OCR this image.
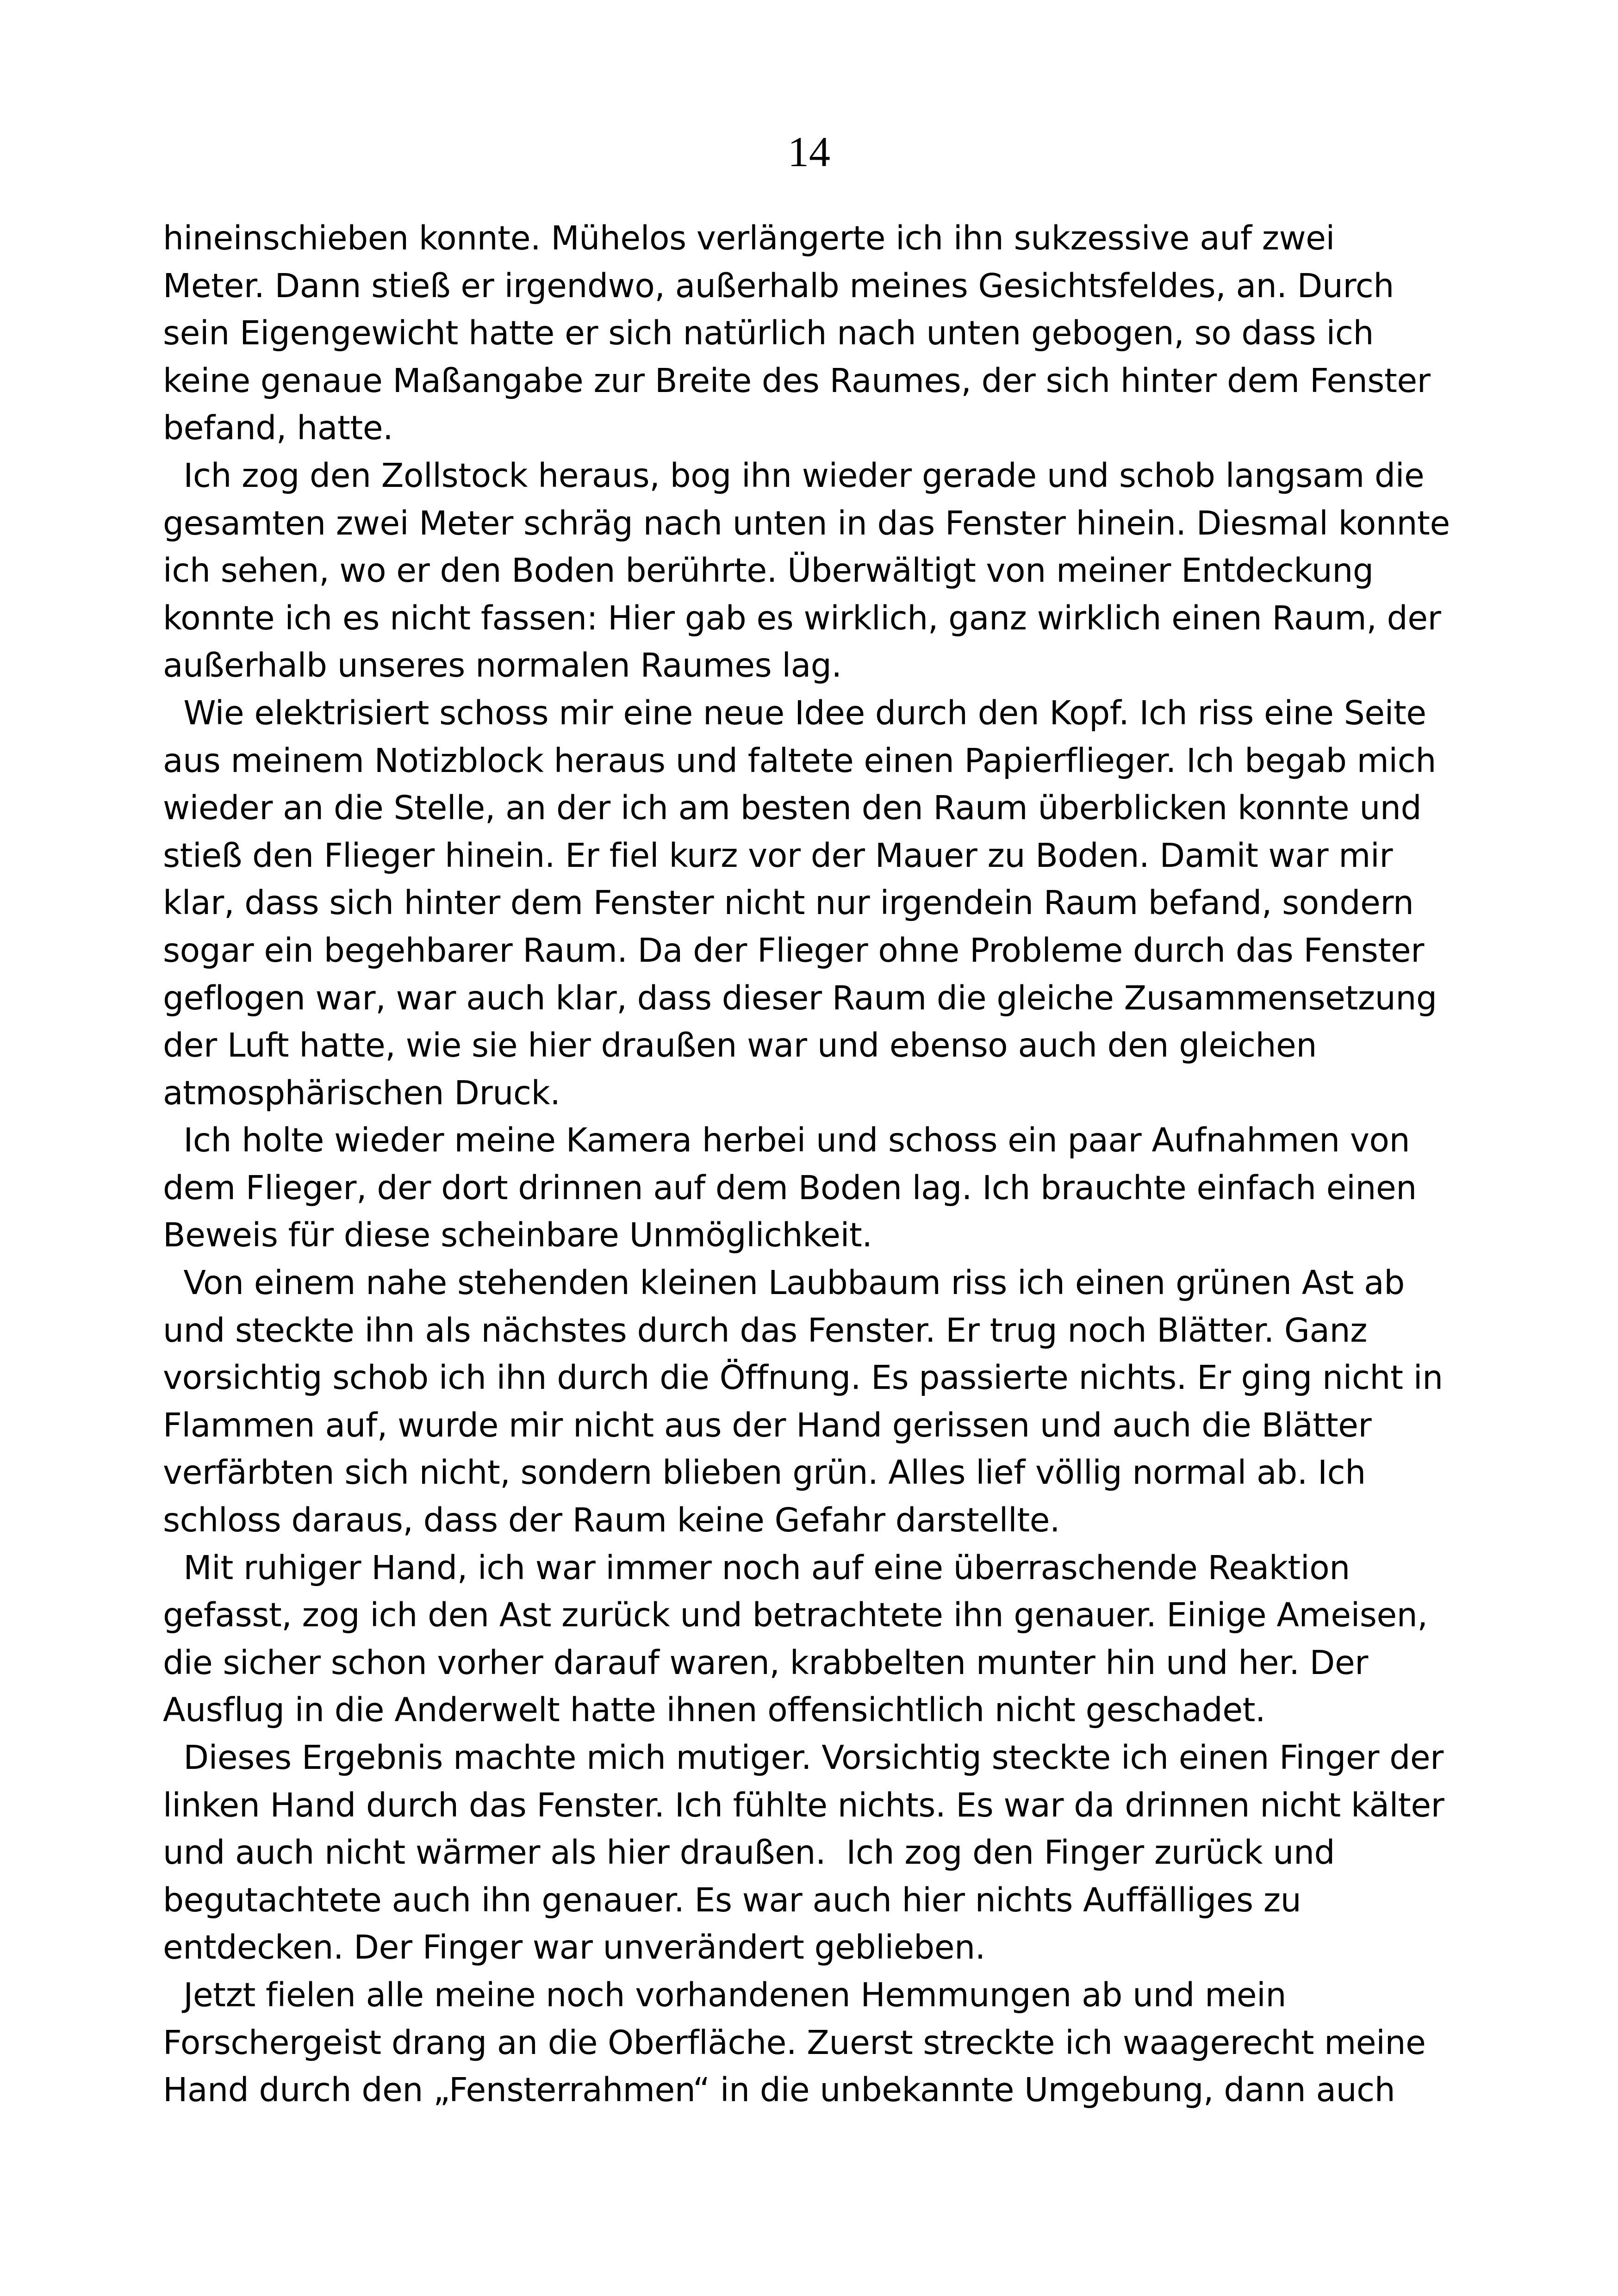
14
hineinschieben konnte. Mühelos verlängerte ich ihn sukzessive auf zwei
Meter. Dann stieß er irgendwo, außerhalb meines Gesichtsfeldes, an. Durch
sein Eigengewicht hatte er sich natürlich nach unten gebogen, so dass ich
keine genaue Maßangabe zur Breite des Raumes, der sich hinter dem Fenster
befand, hatte.
Ich zog den Zollstock heraus, bog ihn wieder gerade und schob langsam die
gesamten zwei Meter schräg nach unten in das Fenster hinein. Diesmal konnte
ich sehen, wo er den Boden berührte. Überwältigt von meiner Entdeckung
konnte ich es nicht fassen: Hier gab es wirklich, ganz wirklich einen Raum, der
außerhalb unseres normalen Raumes lag.
Wie elektrisiert schoss mir eine neue Idee durch den Kopf. Ich riss eine Seite
aus meinem Notizblock heraus und faltete einen Papierflieger. Ich begab mich
wieder an die Stelle, an der ich am besten den Raum überblicken konnte und
stieß den Flieger hinein. Er fiel kurz vor der Mauer zu Boden. Damit war mir
klar, dass sich hinter dem Fenster nicht nur irgendein Raum befand, sondern
sogar ein begehbarer Raum. Da der Flieger ohne Probleme durch das Fenster
geflogen war, war auch klar, dass dieser Raum die gleiche Zusammensetzung
der Luft hatte, wie sie hier draußen war und ebenso auch den gleichen
atmosphärischen Druck.
Ich holte wieder meine Kamera herbei und schoss ein paar Aufnahmen von
dem Flieger, der dort drinnen auf dem Boden lag. Ich brauchte einfach einen
Beweis für diese scheinbare Unmöglichkeit.
Von einem nahe stehenden kleinen Laubbaum riss ich einen grünen Ast ab
und steckte ihn als nächstes durch das Fenster. Er trug noch Blätter. Ganz
vorsichtig schob ich ihn durch die Öffnung. Es passierte nichts. Er ging nicht in
Flammen auf, wurde mir nicht aus der Hand gerissen und auch die Blätter
verfärbten sich nicht, sondern blieben grün. Alles lief völlig normal ab. Ich
schloss daraus, dass der Raum keine Gefahr darstellte.
Mit ruhiger Hand, ich war immer noch auf eine überraschende Reaktion
gefasst, zog ich den Ast zurück und betrachtete ihn genauer. Einige Ameisen,
die sicher schon vorher darauf waren, krabbelten munter hin und her. Der
Ausflug in die Anderwelt hatte ihnen offensichtlich nicht geschadet.
Dieses Ergebnis machte mich mutiger. Vorsichtig steckte ich einen Finger der
linken Hand durch das Fenster. Ich fühlte nichts. Es war da drinnen nicht kälter
und auch nicht wärmer als hier draußen.  Ich zog den Finger zurück und
begutachtete auch ihn genauer. Es war auch hier nichts Auffälliges zu
entdecken. Der Finger war unverändert geblieben.
Jetzt fielen alle meine noch vorhandenen Hemmungen ab und mein
Forschergeist drang an die Oberfläche. Zuerst streckte ich waagerecht meine
Hand durch den „Fensterrahmen“ in die unbekannte Umgebung, dann auch
